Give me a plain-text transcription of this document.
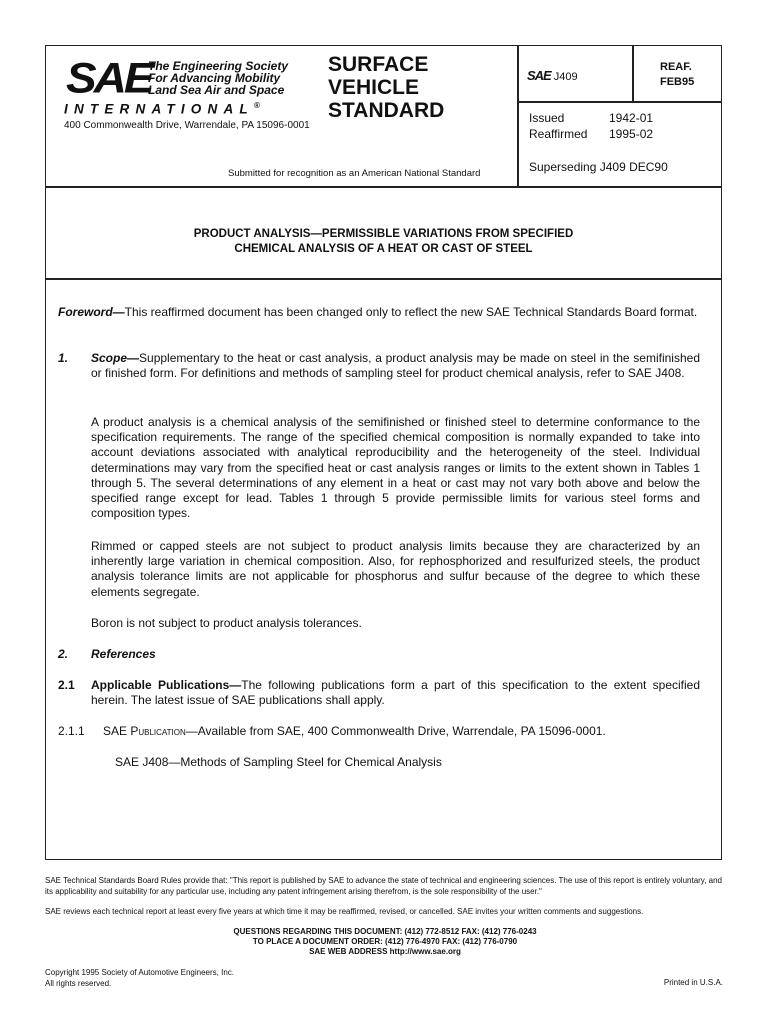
SAE
The Engineering Society
For Advancing Mobility
Land Sea Air and Space
INTERNATIONAL®
400 Commonwealth Drive, Warrendale, PA 15096-0001
SURFACE
VEHICLE
STANDARD
Submitted for recognition as an American National Standard
SAE J409
REAF.
FEB95
Issued	1942-01
Reaffirmed 1995-02
Superseding J409 DEC90
PRODUCT ANALYSIS—PERMISSIBLE VARIATIONS FROM SPECIFIED
CHEMICAL ANALYSIS OF A HEAT OR CAST OF STEEL
Foreword—This reaffirmed document has been changed only to reflect the new SAE Technical Standards Board format.
1. Scope—Supplementary to the heat or cast analysis, a product analysis may be made on steel in the semifinished or finished form. For definitions and methods of sampling steel for product chemical analysis, refer to SAE J408.
A product analysis is a chemical analysis of the semifinished or finished steel to determine conformance to the specification requirements. The range of the specified chemical composition is normally expanded to take into account deviations associated with analytical reproducibility and the heterogeneity of the steel. Individual determinations may vary from the specified heat or cast analysis ranges or limits to the extent shown in Tables 1 through 5. The several determinations of any element in a heat or cast may not vary both above and below the specified range except for lead. Tables 1 through 5 provide permissible limits for various steel forms and composition types.
Rimmed or capped steels are not subject to product analysis limits because they are characterized by an inherently large variation in chemical composition. Also, for rephosphorized and resulfurized steels, the product analysis tolerance limits are not applicable for phosphorus and sulfur because of the degree to which these elements segregate.
Boron is not subject to product analysis tolerances.
2. References
2.1 Applicable Publications—The following publications form a part of this specification to the extent specified herein. The latest issue of SAE publications shall apply.
2.1.1 SAE Publication—Available from SAE, 400 Commonwealth Drive, Warrendale, PA 15096-0001.
SAE J408—Methods of Sampling Steel for Chemical Analysis
SAE Technical Standards Board Rules provide that: "This report is published by SAE to advance the state of technical and engineering sciences. The use of this report is entirely voluntary, and its applicability and suitability for any particular use, including any patent infringement arising therefrom, is the sole responsibility of the user."
SAE reviews each technical report at least every five years at which time it may be reaffirmed, revised, or cancelled. SAE invites your written comments and suggestions.
QUESTIONS REGARDING THIS DOCUMENT: (412) 772-8512 FAX: (412) 776-0243
TO PLACE A DOCUMENT ORDER: (412) 776-4970 FAX: (412) 776-0790
SAE WEB ADDRESS http://www.sae.org
Copyright 1995 Society of Automotive Engineers, Inc.
All rights reserved.	Printed in U.S.A.
